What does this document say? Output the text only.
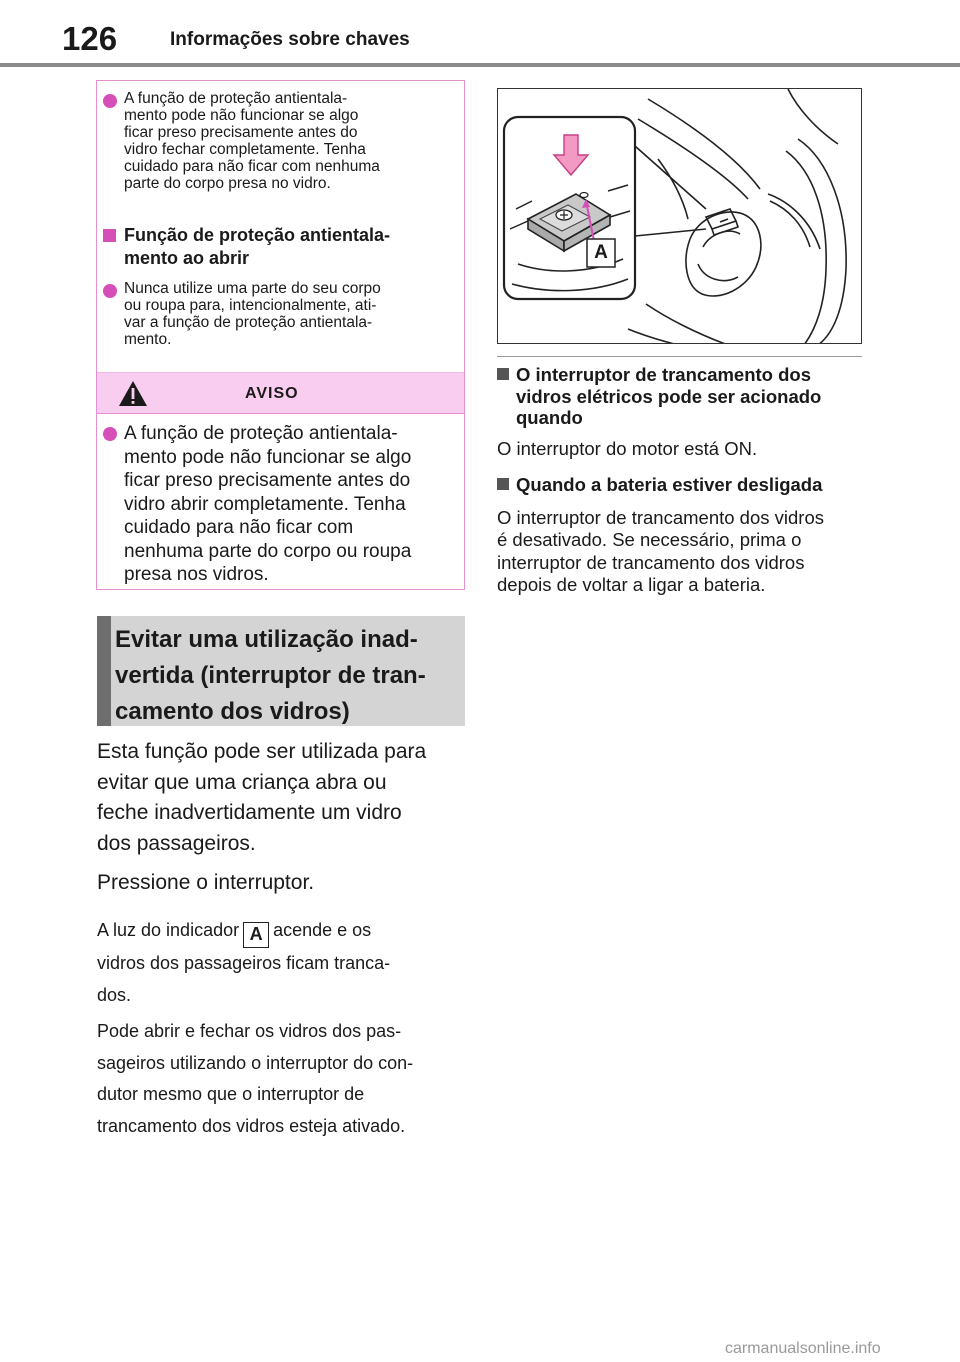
126	Informações sobre chaves
A função de proteção antientala-
mento pode não funcionar se algo
ficar preso precisamente antes do
vidro fechar completamente. Tenha
cuidado para não ficar com nenhuma
parte do corpo presa no vidro.
Função de proteção antientala-
mento ao abrir
Nunca utilize uma parte do seu corpo
ou roupa para, intencionalmente, ati-
var a função de proteção antientala-
mento.
AVISO
A função de proteção antientala-
mento pode não funcionar se algo
ficar preso precisamente antes do
vidro abrir completamente. Tenha
cuidado para não ficar com
nenhuma parte do corpo ou roupa
presa nos vidros.
Evitar uma utilização inad-
vertida (interruptor de tran-
camento dos vidros)
Esta função pode ser utilizada para
evitar que uma criança abra ou
feche inadvertidamente um vidro
dos passageiros.
Pressione o interruptor.
A luz do indicador A acende e os
vidros dos passageiros ficam tranca-
dos.
Pode abrir e fechar os vidros dos pas-
sageiros utilizando o interruptor do con-
dutor mesmo que o interruptor de
trancamento dos vidros esteja ativado.
A
O interruptor de trancamento dos
vidros elétricos pode ser acionado
quando
O interruptor do motor está ON.
Quando a bateria estiver desligada
O interruptor de trancamento dos vidros
é desativado. Se necessário, prima o
interruptor de trancamento dos vidros
depois de voltar a ligar a bateria.
carmanualsonline.info
